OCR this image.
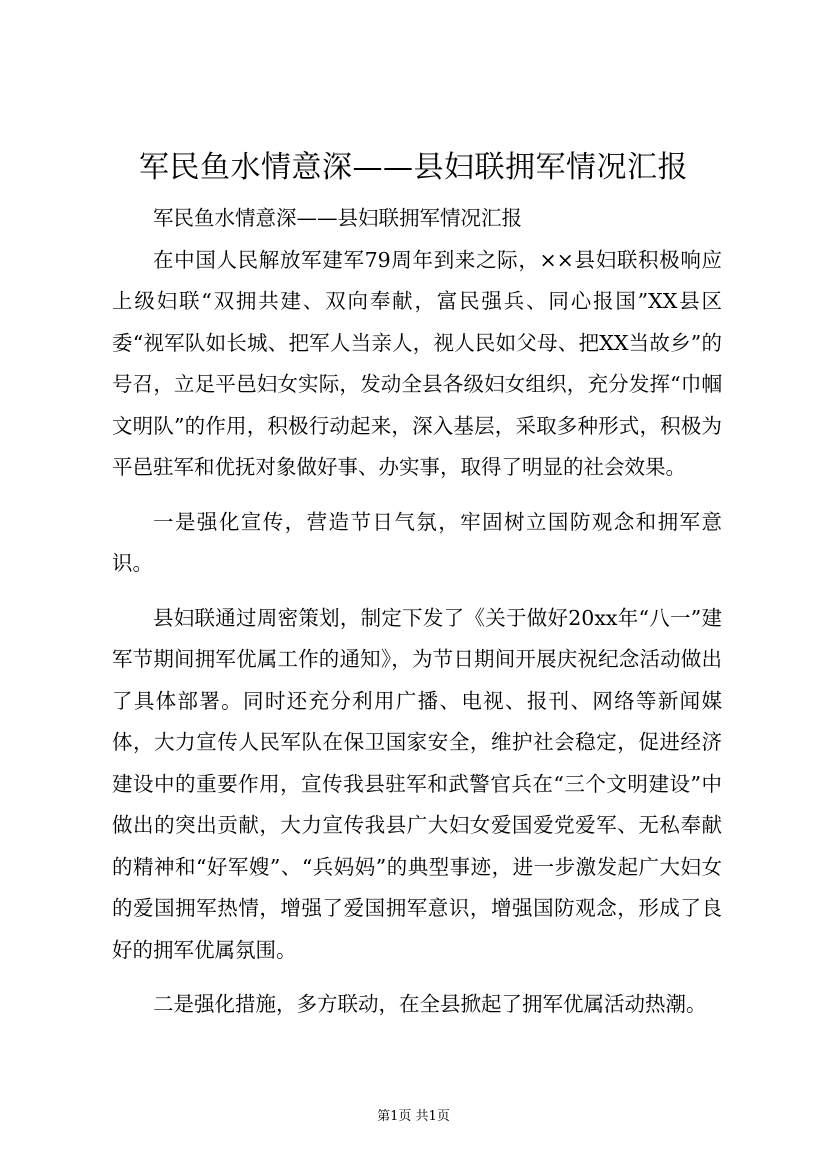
军民鱼水情意深——县妇联拥军情况汇报

军民鱼水情意深——县妇联拥军情况汇报

在中国人民解放军建军79周年到来之际，××县妇联积极响应上级妇联“双拥共建、双向奉献，富民强兵、同心报国”XX县区委“视军队如长城、把军人当亲人，视人民如父母、把XX当故乡”的号召，立足平邑妇女实际，发动全县各级妇女组织，充分发挥“巾帼文明队”的作用，积极行动起来，深入基层，采取多种形式，积极为平邑驻军和优抚对象做好事、办实事，取得了明显的社会效果。

一是强化宣传，营造节日气氛，牢固树立国防观念和拥军意识。

县妇联通过周密策划，制定下发了《关于做好20xx年“八一”建军节期间拥军优属工作的通知》，为节日期间开展庆祝纪念活动做出了具体部署。同时还充分利用广播、电视、报刊、网络等新闻媒体，大力宣传人民军队在保卫国家安全，维护社会稳定，促进经济建设中的重要作用，宣传我县驻军和武警官兵在“三个文明建设”中做出的突出贡献，大力宣传我县广大妇女爱国爱党爱军、无私奉献的精神和“好军嫂”、“兵妈妈”的典型事迹，进一步激发起广大妇女的爱国拥军热情，增强了爱国拥军意识，增强国防观念，形成了良好的拥军优属氛围。

二是强化措施，多方联动，在全县掀起了拥军优属活动热潮。

第1页 共1页
